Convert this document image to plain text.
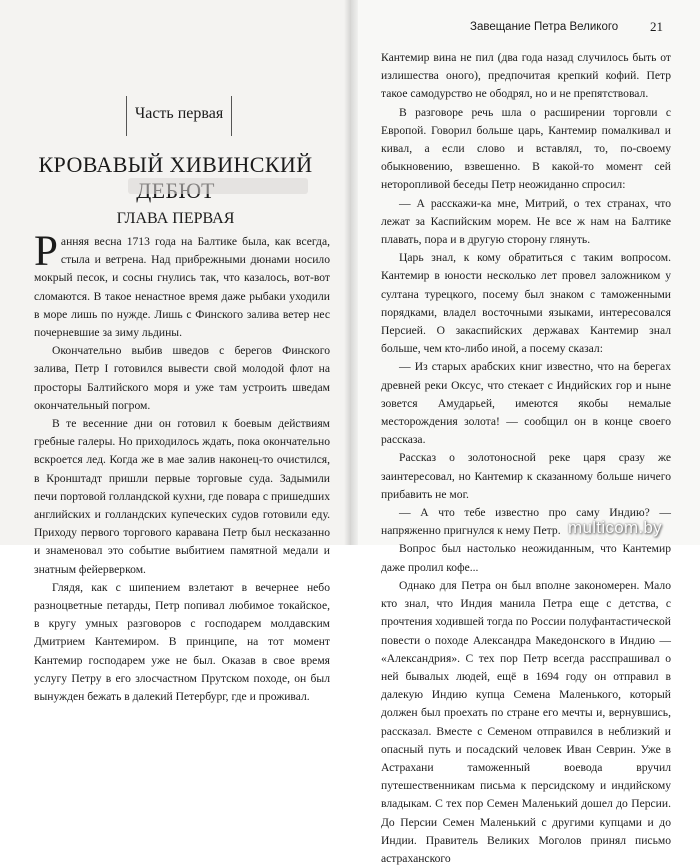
Часть первая
КРОВАВЫЙ ХИВИНСКИЙ
ГЛАВА ПЕРВАЯ

Ранняя весна 1713 года на Балтике была, как всегда, стыла и ветрена. Над прибрежными дюнами носило мокрый песок, и сосны гнулись так, что казалось, вот-вот сломаются. В такое ненастное время даже рыбаки уходили в море лишь по нужде. Лишь с Финского залива ветер нес почерневшие за зиму льдины.

Окончательно выбив шведов с берегов Финского залива, Петр I готовился вывести свой молодой флот на просторы Балтийского моря и уже там устроить шведам окончательный погром.

В те весенние дни он готовил к боевым действиям гребные галеры. Но приходилось ждать, пока окончательно вскроется лед. Когда же в мае залив наконец-то очистился, в Кронштадт пришли первые торговые суда. Задымили печи портовой голландской кухни, где повара с пришедших английских и голландских купеческих судов готовили еду. Приходу первого торгового каравана Петр был несказанно и знаменовал это событие выбитием памятной медали и знатным фейерверком.

Глядя, как с шипением взлетают в вечернее небо разноцветные петарды, Петр попивал любимое токайское, в кругу умных разговоров с господарем молдавским Дмитрием Кантемиром. В принципе, на тот момент Кантемир господарем уже не был. Оказав в свое время услугу Петру в его злосчастном Прутском походе, он был вынужден бежать в далекий Петербург, где и проживал.

Завещание Петра Великого 21

Кантемир вина не пил (два года назад случилось быть от излишества оного), предпочитая крепкий кофий. Петр такое самодурство не ободрял, но и не препятствовал.

В разговоре речь шла о расширении торговли с Европой. Говорил больше царь, Кантемир помалкивал и кивал, а если слово и вставлял, то, по-своему обыкновению, взвешенно. В какой-то момент сей неторопливой беседы Петр неожиданно спросил:

— А расскажи-ка мне, Митрий, о тех странах, что лежат за Каспийским морем. Не все ж нам на Балтике плавать, пора и в другую сторону глянуть.

Царь знал, к кому обратиться с таким вопросом. Кантемир в юности несколько лет провел заложником у султана турецкого, посему был знаком с таможенными порядками, владел восточными языками, интересовался Персией. О закаспийских державах Кантемир знал больше, чем кто-либо иной, а посему сказал:

— Из старых арабских книг известно, что на берегах древней реки Оксус, что стекает с Индийских гор и ныне зовется Амударьей, имеются якобы немалые месторождения золота! — сообщил он в конце своего рассказа.

Рассказ о золотоносной реке царя сразу же заинтересовал, но Кантемир к сказанному больше ничего прибавить не мог.

— А что тебе известно про саму Индию? — напряженно пригнулся к нему Петр.

Вопрос был настолько неожиданным, что Кантемир даже пролил кофе...

Однако для Петра он был вполне закономерен. Мало кто знал, что Индия манила Петра еще с детства, с прочтения ходившей тогда по России полуфантастической повести о походе Александра Македонского в Индию — «Александрия». С тех пор Петр всегда расспрашивал о ней бывалых людей, ещё в 1694 году он отправил в далекую Индию купца Семена Маленького, который должен был проехать по стране его мечты и, вернувшись, рассказал. Вместе с Семеном отправился в неблизкий и опасный путь и посадский человек Иван Севрин. Уже в Астрахани таможенный воевода вручил путешественникам письма к персидскому и индийскому владыкам. С тех пор Семен Маленький дошел до Персии. До Персии Семен Маленький с другими купцами и до Индии. Правитель Великих Моголов принял письмо астраханского

multicom.by
